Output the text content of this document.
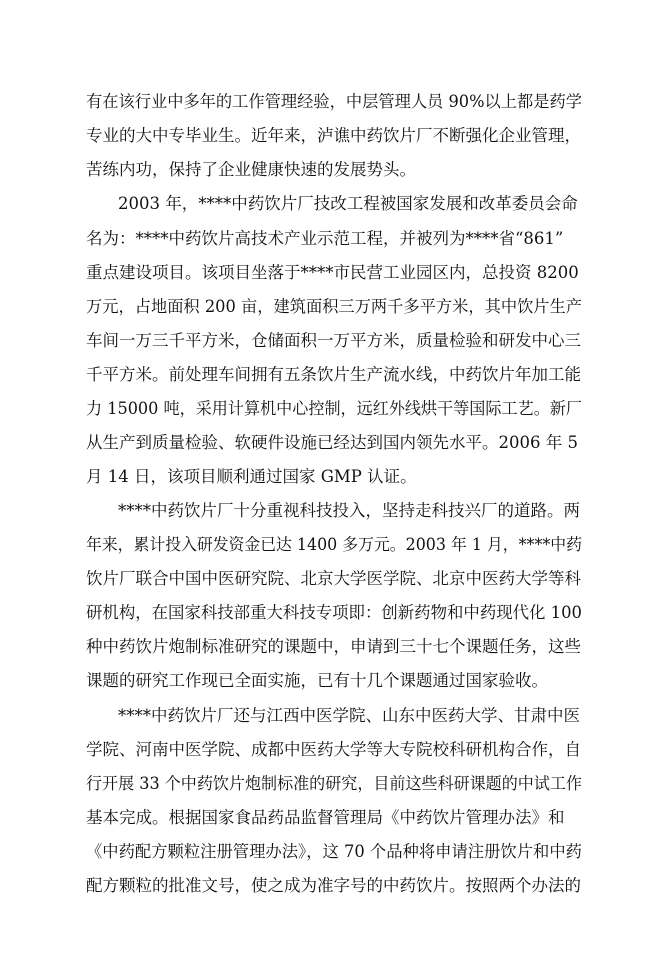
有在该行业中多年的工作管理经验，中层管理人员 90%以上都是药学

专业的大中专毕业生。近年来，泸谯中药饮片厂不断强化企业管理，

苦练内功，保持了企业健康快速的发展势头。

2003 年，****中药饮片厂技改工程被国家发展和改革委员会命

名为：****中药饮片高技术产业示范工程，并被列为****省“861”

重点建设项目。该项目坐落于****市民营工业园区内，总投资 8200

万元，占地面积 200 亩，建筑面积三万两千多平方米，其中饮片生产

车间一万三千平方米，仓储面积一万平方米，质量检验和研发中心三

千平方米。前处理车间拥有五条饮片生产流水线，中药饮片年加工能

力 15000 吨，采用计算机中心控制，远红外线烘干等国际工艺。新厂

从生产到质量检验、软硬件设施已经达到国内领先水平。2006 年 5

月 14 日，该项目顺利通过国家 GMP 认证。

****中药饮片厂十分重视科技投入，坚持走科技兴厂的道路。两

年来，累计投入研发资金已达 1400 多万元。2003 年 1 月，****中药

饮片厂联合中国中医研究院、北京大学医学院、北京中医药大学等科

研机构，在国家科技部重大科技专项即：创新药物和中药现代化 100

种中药饮片炮制标准研究的课题中，申请到三十七个课题任务，这些

课题的研究工作现已全面实施，已有十几个课题通过国家验收。

****中药饮片厂还与江西中医学院、山东中医药大学、甘肃中医

学院、河南中医学院、成都中医药大学等大专院校科研机构合作，自

行开展 33 个中药饮片炮制标准的研究，目前这些科研课题的中试工作

基本完成。根据国家食品药品监督管理局《中药饮片管理办法》和

《中药配方颗粒注册管理办法》，这 70 个品种将申请注册饮片和中药

配方颗粒的批准文号，使之成为准字号的中药饮片。按照两个办法的
